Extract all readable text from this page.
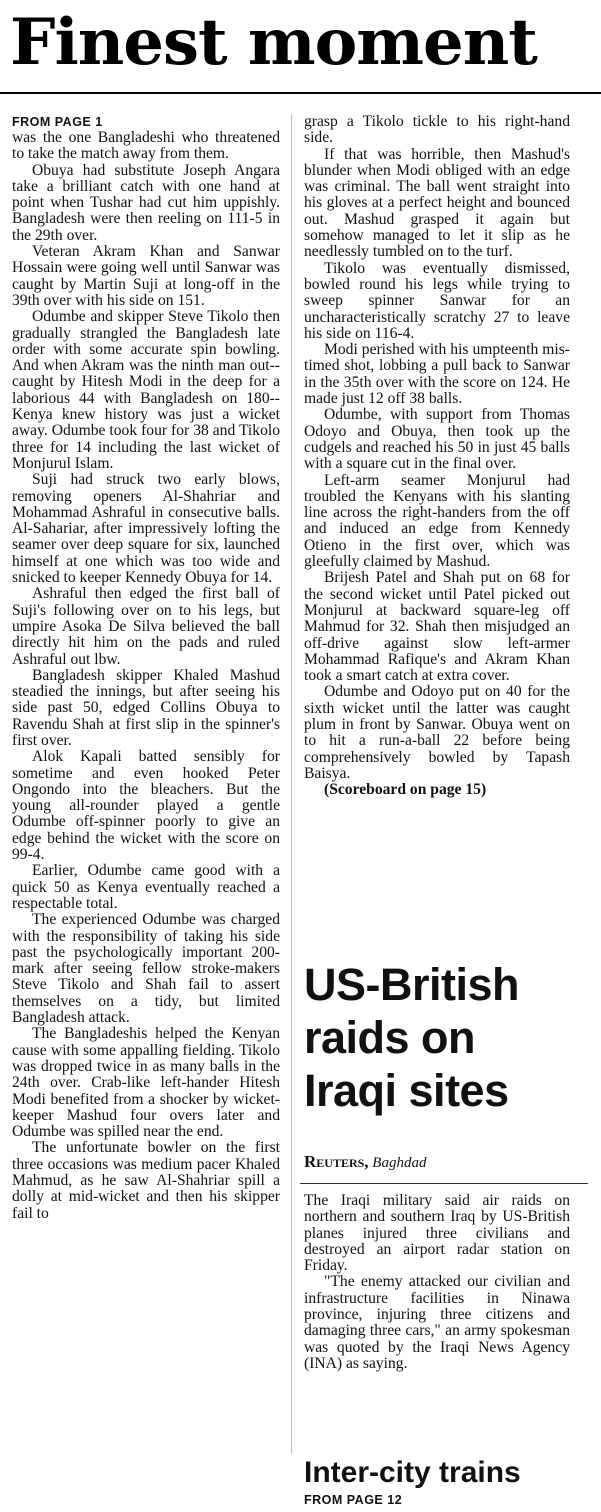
Finest moment
FROM PAGE 1

was the one Bangladeshi who threatened to take the match away from them.

Obuya had substitute Joseph Angara take a brilliant catch with one hand at point when Tushar had cut him uppishly. Bangladesh were then reeling on 111-5 in the 29th over.

Veteran Akram Khan and Sanwar Hossain were going well until Sanwar was caught by Martin Suji at long-off in the 39th over with his side on 151.

Odumbe and skipper Steve Tikolo then gradually strangled the Bangladesh late order with some accurate spin bowling. And when Akram was the ninth man out--caught by Hitesh Modi in the deep for a laborious 44 with Bangladesh on 180-- Kenya knew history was just a wicket away. Odumbe took four for 38 and Tikolo three for 14 including the last wicket of Monjurul Islam.

Suji had struck two early blows, removing openers Al-Shahriar and Mohammad Ashraful in consecutive balls. Al-Sahariar, after impressively lofting the seamer over deep square for six, launched himself at one which was too wide and snicked to keeper Kennedy Obuya for 14.

Ashraful then edged the first ball of Suji's following over on to his legs, but umpire Asoka De Silva believed the ball directly hit him on the pads and ruled Ashraful out lbw.

Bangladesh skipper Khaled Mashud steadied the innings, but after seeing his side past 50, edged Collins Obuya to Ravendu Shah at first slip in the spinner's first over.

Alok Kapali batted sensibly for sometime and even hooked Peter Ongondo into the bleachers. But the young all-rounder played a gentle Odumbe off-spinner poorly to give an edge behind the wicket with the score on 99-4.

Earlier, Odumbe came good with a quick 50 as Kenya eventually reached a respectable total.

The experienced Odumbe was charged with the responsibility of taking his side past the psychologically important 200-mark after seeing fellow stroke-makers Steve Tikolo and Shah fail to assert themselves on a tidy, but limited Bangladesh attack.

The Bangladeshis helped the Kenyan cause with some appalling fielding. Tikolo was dropped twice in as many balls in the 24th over. Crab-like left-hander Hitesh Modi benefited from a shocker by wicket-keeper Mashud four overs later and Odumbe was spilled near the end.

The unfortunate bowler on the first three occasions was medium pacer Khaled Mahmud, as he saw Al-Shahriar spill a dolly at mid-wicket and then his skipper fail to

grasp a Tikolo tickle to his right-hand side.

If that was horrible, then Mashud's blunder when Modi obliged with an edge was criminal. The ball went straight into his gloves at a perfect height and bounced out. Mashud grasped it again but somehow managed to let it slip as he needlessly tumbled on to the turf.

Tikolo was eventually dismissed, bowled round his legs while trying to sweep spinner Sanwar for an uncharacteristically scratchy 27 to leave his side on 116-4.

Modi perished with his umpteenth mis-timed shot, lobbing a pull back to Sanwar in the 35th over with the score on 124. He made just 12 off 38 balls.

Odumbe, with support from Thomas Odoyo and Obuya, then took up the cudgels and reached his 50 in just 45 balls with a square cut in the final over.

Left-arm seamer Monjurul had troubled the Kenyans with his slanting line across the right-handers from the off and induced an edge from Kennedy Otieno in the first over, which was gleefully claimed by Mashud.

Brijesh Patel and Shah put on 68 for the second wicket until Patel picked out Monjurul at backward square-leg off Mahmud for 32. Shah then misjudged an off-drive against slow left-armer Mohammad Rafique's and Akram Khan took a smart catch at extra cover.

Odumbe and Odoyo put on 40 for the sixth wicket until the latter was caught plum in front by Sanwar. Obuya went on to hit a run-a-ball 22 before being comprehensively bowled by Tapash Baisya.

(Scoreboard on page 15)

US-British
raids on
Iraqi sites
Reuters, Baghdad

The Iraqi military said air raids on northern and southern Iraq by US-British planes injured three civilians and destroyed an airport radar station on Friday.

"The enemy attacked our civilian and infrastructure facilities in Ninawa province, injuring three citizens and damaging three cars," an army spokesman was quoted by the Iraqi News Agency (INA) as saying.

Inter-city trains
FROM PAGE 12
